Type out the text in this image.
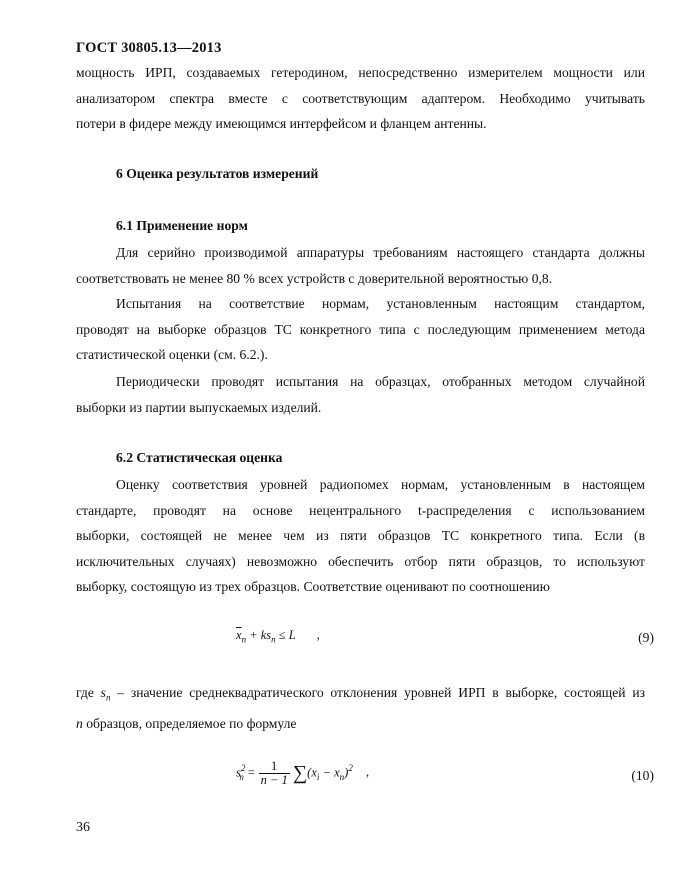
ГОСТ 30805.13—2013
мощность ИРП, создаваемых гетеродином, непосредственно измерителем мощности или
анализатором спектра вместе с соответствующим адаптером. Необходимо учитывать
потери в фидере между имеющимся интерфейсом и фланцем антенны.
6 Оценка результатов измерений
6.1 Применение норм
Для серийно производимой аппаратуры требованиям настоящего стандарта должны
соответствовать не менее 80 % всех устройств с доверительной вероятностью 0,8.
Испытания на соответствие нормам, установленным настоящим стандартом,
проводят на выборке образцов ТС конкретного типа с последующим применением метода
статистической оценки (см. 6.2.).
Периодически проводят испытания на образцах, отобранных методом случайной
выборки из партии выпускаемых изделий.
6.2 Статистическая оценка
Оценку соответствия уровней радиопомех нормам, установленным в настоящем
стандарте, проводят на основе нецентрального t-распределения с использованием
выборки, состоящей не менее чем из пяти образцов ТС конкретного типа. Если (в
исключительных случаях) невозможно обеспечить отбор пяти образцов, то используют
выборку, состоящую из трех образцов. Соответствие оценивают по соотношению
$\overline{x}_n + ks_n \le L$ ,	(9)
где $s_n$ – значение среднеквадратического отклонения уровней ИРП в выборке, состоящей из
n образцов, определяемое по формуле
$s^2_n = \frac{1}{n - 1} \sum(x_i - x_n)^2$ ,	(10)
36
